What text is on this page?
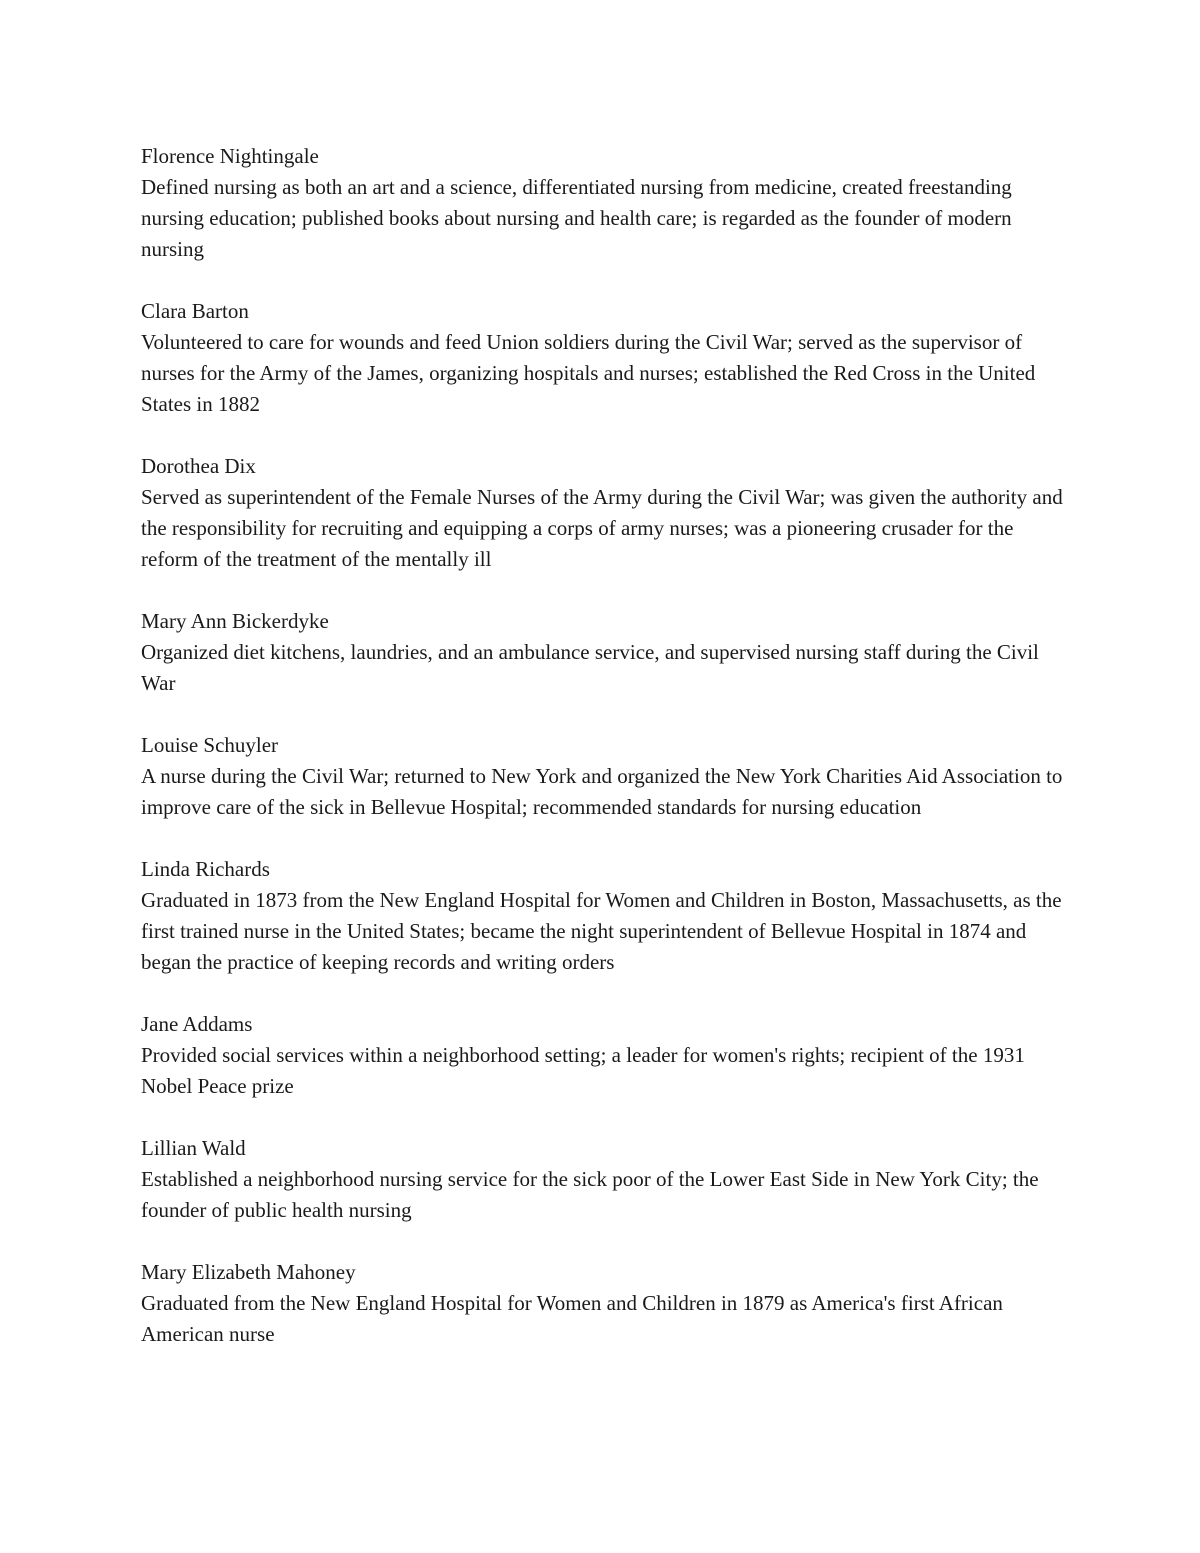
Florence Nightingale
Defined nursing as both an art and a science, differentiated nursing from medicine, created freestanding nursing education; published books about nursing and health care; is regarded as the founder of modern nursing
Clara Barton
Volunteered to care for wounds and feed Union soldiers during the Civil War; served as the supervisor of nurses for the Army of the James, organizing hospitals and nurses; established the Red Cross in the United States in 1882
Dorothea Dix
Served as superintendent of the Female Nurses of the Army during the Civil War; was given the authority and the responsibility for recruiting and equipping a corps of army nurses; was a pioneering crusader for the reform of the treatment of the mentally ill
Mary Ann Bickerdyke
Organized diet kitchens, laundries, and an ambulance service, and supervised nursing staff during the Civil War
Louise Schuyler
A nurse during the Civil War; returned to New York and organized the New York Charities Aid Association to improve care of the sick in Bellevue Hospital; recommended standards for nursing education
Linda Richards
Graduated in 1873 from the New England Hospital for Women and Children in Boston, Massachusetts, as the first trained nurse in the United States; became the night superintendent of Bellevue Hospital in 1874 and began the practice of keeping records and writing orders
Jane Addams
Provided social services within a neighborhood setting; a leader for women's rights; recipient of the 1931 Nobel Peace prize
Lillian Wald
Established a neighborhood nursing service for the sick poor of the Lower East Side in New York City; the founder of public health nursing
Mary Elizabeth Mahoney
Graduated from the New England Hospital for Women and Children in 1879 as America's first African American nurse
